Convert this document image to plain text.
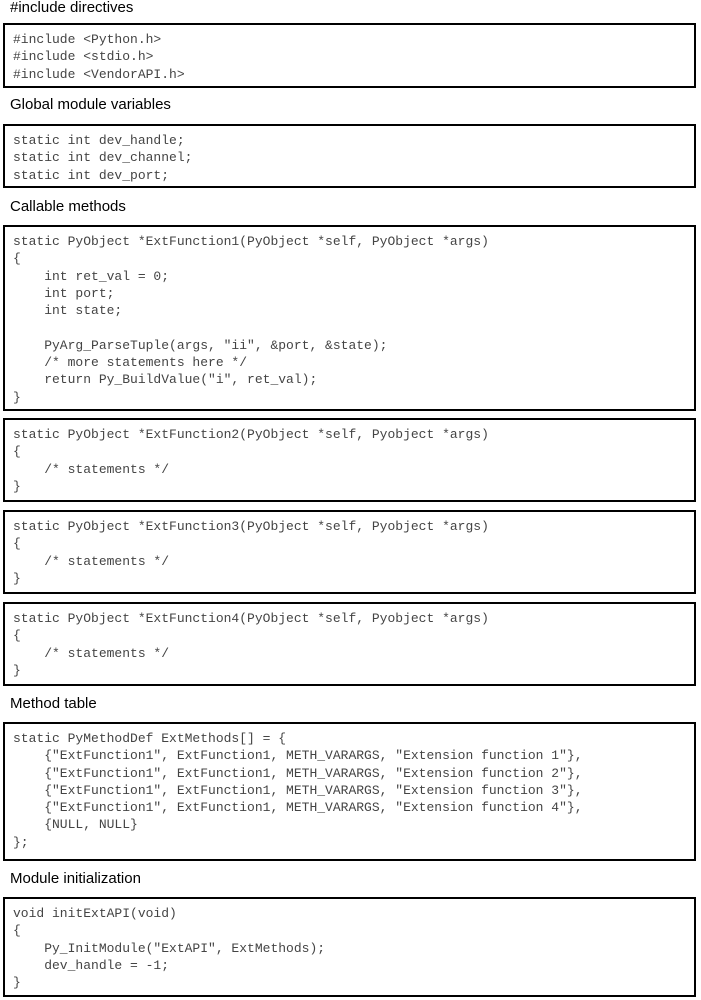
#include directives
#include <Python.h>
#include <stdio.h>
#include <VendorAPI.h>
Global module variables
static int dev_handle;
static int dev_channel;
static int dev_port;
Callable methods
static PyObject *ExtFunction1(PyObject *self, PyObject *args)
{
int ret_val = 0;
int port;
int state;

PyArg_ParseTuple(args, "ii", &port, &state);
/* more statements here */
return Py_BuildValue("i", ret_val);
}
static PyObject *ExtFunction2(PyObject *self, Pyobject *args)
{
/* statements */
}
static PyObject *ExtFunction3(PyObject *self, Pyobject *args)
{
/* statements */
}
static PyObject *ExtFunction4(PyObject *self, Pyobject *args)
{
/* statements */
}
Method table
static PyMethodDef ExtMethods[] = {
{"ExtFunction1", ExtFunction1, METH_VARARGS, "Extension function 1"},
{"ExtFunction1", ExtFunction1, METH_VARARGS, "Extension function 2"},
{"ExtFunction1", ExtFunction1, METH_VARARGS, "Extension function 3"},
{"ExtFunction1", ExtFunction1, METH_VARARGS, "Extension function 4"},
{NULL, NULL}
};
Module initialization
void initExtAPI(void)
{
Py_InitModule("ExtAPI", ExtMethods);
dev_handle = -1;
}
